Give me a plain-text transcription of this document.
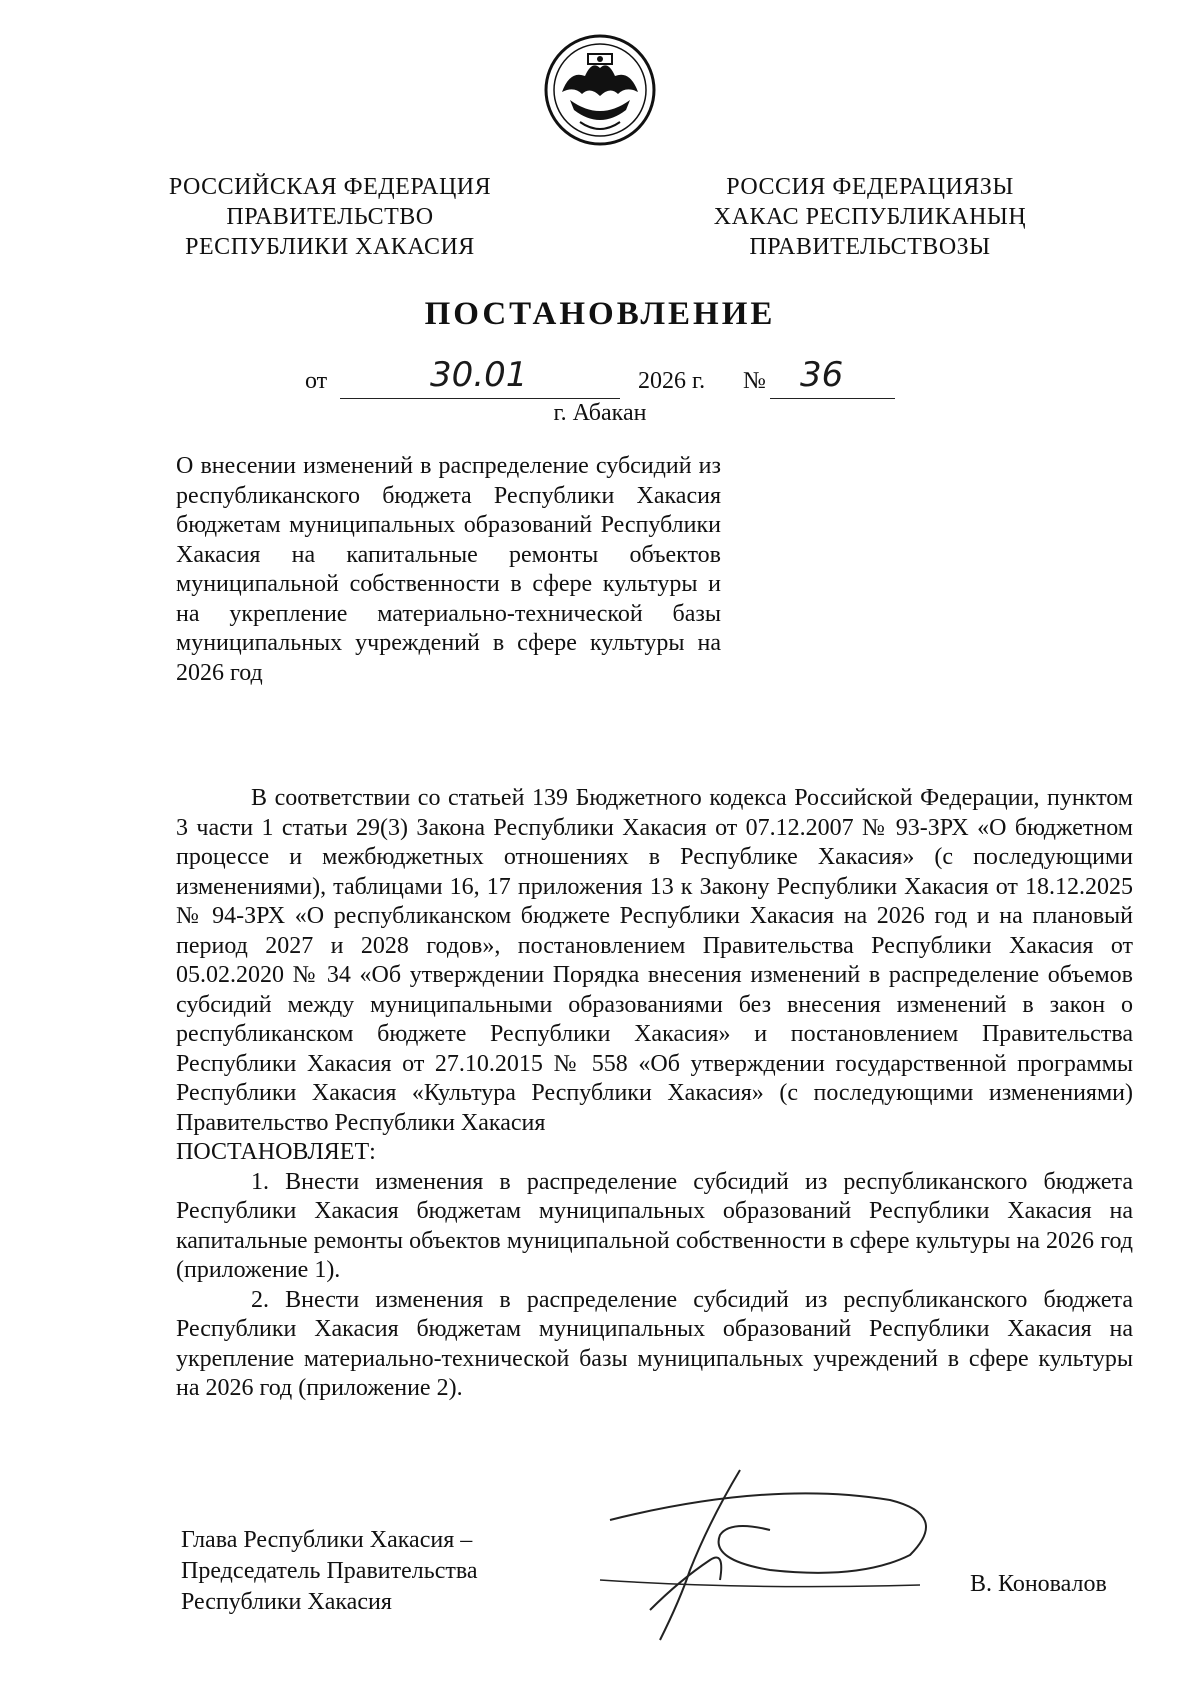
РОССИЙСКАЯ ФЕДЕРАЦИЯ
ПРАВИТЕЛЬСТВО
РЕСПУБЛИКИ ХАКАСИЯ
РОССИЯ ФЕДЕРАЦИЯЗЫ
ХАКАС РЕСПУБЛИКАНЫҢ
ПРАВИТЕЛЬСТВОЗЫ
ПОСТАНОВЛЕНИЕ
от	30.01	2026 г. № 36
г. Абакан
О внесении изменений в распределение субсидий из республиканского бюджета Республики Хакасия бюджетам муниципальных образований Республики Хакасия на капитальные ремонты объектов муниципальной собственности в сфере культуры и на укрепление материально-технической базы муниципальных учреждений в сфере культуры на 2026 год

В соответствии со статьей 139 Бюджетного кодекса Российской Федерации, пунктом 3 части 1 статьи 29(3) Закона Республики Хакасия от 07.12.2007 № 93-ЗРХ «О бюджетном процессе и межбюджетных отношениях в Республике Хакасия» (с последующими изменениями), таблицами 16, 17 приложения 13 к Закону Республики Хакасия от 18.12.2025 № 94-ЗРХ «О республиканском бюджете Республики Хакасия на 2026 год и на плановый период 2027 и 2028 годов», постановлением Правительства Республики Хакасия от 05.02.2020 № 34 «Об утверждении Порядка внесения изменений в распределение объемов субсидий между муниципальными образованиями без внесения изменений в закон о республиканском бюджете Республики Хакасия» и постановлением Правительства Республики Хакасия от 27.10.2015 № 558 «Об утверждении государственной программы Республики Хакасия «Культура Республики Хакасия» (с последующими изменениями) Правительство Республики Хакасия

ПОСТАНОВЛЯЕТ:

1. Внести изменения в распределение субсидий из республиканского бюджета Республики Хакасия бюджетам муниципальных образований Республики Хакасия на капитальные ремонты объектов муниципальной собственности в сфере культуры на 2026 год (приложение 1).

2. Внести изменения в распределение субсидий из республиканского бюджета Республики Хакасия бюджетам муниципальных образований Республики Хакасия на укрепление материально-технической базы муниципальных учреждений в сфере культуры на 2026 год (приложение 2).

Глава Республики Хакасия –
Председатель Правительства
Республики Хакасия
В. Коновалов
